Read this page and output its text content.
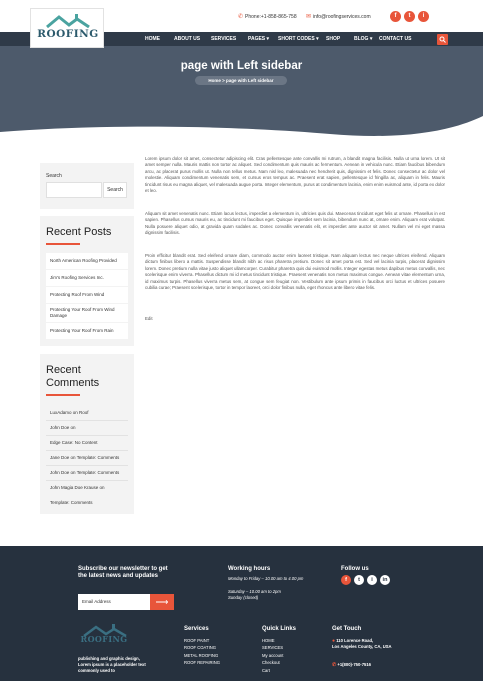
ROOFING
✆ Phone:+1-858-865-758 ✉ info@roofingservices.com	f	t	i
HOME	ABOUT US SERVICES PAGES ▾ SHORT CODES ▾ SHOP	BLOG ▾ CONTACT US
page with Left sidebar
Home > page with Left sidebar
Search
Search
Recent Posts
North American Roofing Provided
Jim's Roofing Services Inc.
Protecting Roof From Wind
Protecting Your Roof From Wind Damage
Protecting Your Roof From Rain
Recent Comments
LuxAdamo on Roof
John Doe on
Edge Case: No Content
Jane Doe on Template: Comments
John Doe on Template: Comments
John Magia Doe Krause on
Template: Comments
Lorem ipsum dolor sit amet, consectetur adipiscing elit. Cras pellentesque ante convallis mi rutrum, a blandit magna facilisis. Nulla ut urna lorem. Ut sit amet semper nulla. Mauris mattis non tortor ac aliquet. Sed condimentum quis mauris ac fermentum. Aenean in vehicula nunc. Etiam faucibus bibendum arcu, ac placerat purus mollis ut. Nulla non tellus metus. Nam nisl leo, malesuada nec hendrerit quis, dignissim et felis. Donec consectetur ac dolor vel molestie. Aliquam condimentum venenatis sem, et cursus eros tempus ac. Praesent erat sapien, pellentesque id fringilla ac, aliquam in felis. Mauris tincidunt risus eu magna aliquet, vel malesuada augue porta. Integer elementum, purus at condimentum lacinia, enim enim euismod ante, id porta ex dolor et leo.
Aliquam sit amet venenatis nunc. Etiam lacus lectus, imperdiet a elementum in, ultricies quis dui. Maecenas tincidunt eget felis ut ornare. Phasellus in est sapien. Phasellus cursus mauris eu, ac tincidunt mi faucibus eget. Quisque imperdiet sem lacinia, bibendum nunc at, ornare enim. Aliquam erat volutpat. Nulla posuere aliquet odio, at gravida quam sodales ac. Donec convallis venenatis elit, et imperdiet ante auctor sit amet. Nullam vel mi eget massa dignissim facilisis.
Proin efficitur blandit erat. Sed eleifend ornare diam, commodo auctor enim laoreet tristique. Nam aliquam lectus nec neque ultrices eleifend. Aliquam dictum finibus libero a mattis. Suspendisse blandit nibh ac risus pharetra pretium. Donec sit amet porta est. Sed vel lacinia turpis, placerat dignissim lorem. Donec pretium nulla vitae justo aliquet ullamcorper. Curabitur pharetra quis dui euismod mollis. Integer egestas metus dapibus metus convallis, nec scelerisque enim viverra. Phasellus dictum mi id metus tincidunt tristique. Praesent venenatis non metus maximus congue. Aenean vitae elementum urna, id maximus turpis. Phasellus viverra metus sem, at congue sem feugiat non. Vestibulum ante ipsum primis in faucibus orci luctus et ultrices posuere cubilia curae; Praesent scelerisque, tortor in tempor laoreet, orci dolor finibus nulla, eget rhoncus ante libero vitae felis.
Edit
Subscribe our newsletter to get the latest news and updates
Email Address	⟶
Working hours
Monday to Friday – 10.00 am to 4.00 pm
Saturday – 10.00 am to 2pm
Sunday (closed)
Follow us
f	t	i	in
ROOFING
publishing and graphic design, Lorem ipsum is a placeholder text commonly used to
Services
ROOF PAINT
ROOF COATING
METAL ROOFING
ROOF REPAIRING
Quick Links
HOME
SERVICES
My account
Checkout
Cart
Get Touch
● 110 Lorence Road,
Los Angeles County, CA, USA
✆ +1(800)-750-7516
